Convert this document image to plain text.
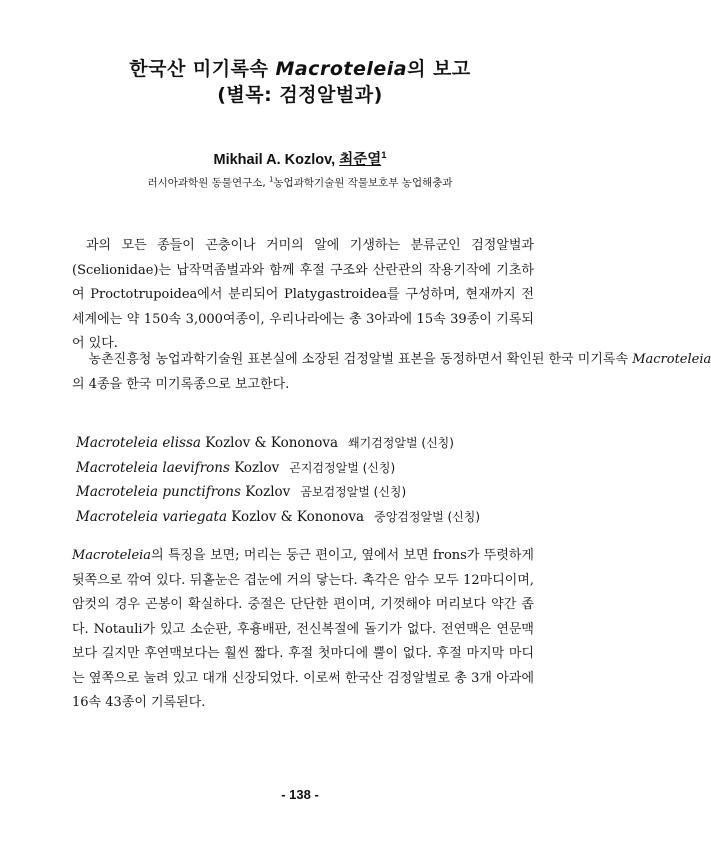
한국산 미기록속 Macroteleia의 보고
(별목: 검정알벌과)
Mikhail A. Kozlov, 최준열$^1$
러시아과학원 동물연구소, $^1$농업과학기술원 작물보호부 농업해충과

과의 모든 종들이 곤충이나 거미의 알에 기생하는 분류군인 검정알벌과(Scelionidae)는 납작먹좀벌과와 함께 후절 구조와 산란관의 작용기작에 기초하여 Proctotrupoidea에서 분리되어 Platygastroidea를 구성하며, 현재까지 전 세계에는 약 150속 3,000여종이, 우리나라에는 총 3아과에 15속 39종이 기록되어 있다.

농촌진흥청 농업과학기술원 표본실에 소장된 검정알벌 표본을 동정하면서 확인된 한국 미기록속 Macroteleia의 4종을 한국 미기록종으로 보고한다.

Macroteleia elissa Kozlov & Kononova 쐐기검정알벌 (신칭)
Macroteleia laevifrons Kozlov 곤지검정알벌 (신칭)
Macroteleia punctifrons Kozlov 곰보검정알벌 (신칭)
Macroteleia variegata Kozlov & Kononova 중앙검정알벌 (신칭)

Macroteleia의 특징을 보면; 머리는 둥근 편이고, 옆에서 보면 frons가 뚜렷하게 뒷쪽으로 깎여 있다. 뒤홑눈은 겹눈에 거의 닿는다. 촉각은 암수 모두 12마디이며, 암컷의 경우 곤봉이 확실하다. 중절은 단단한 편이며, 기껏해야 머리보다 약간 좁다. Notauli가 있고 소순판, 후흉배판, 전신복절에 돌기가 없다. 전연맥은 연문맥보다 길지만 후연맥보다는 훨씬 짧다. 후절 첫마디에 뿔이 없다. 후절 마지막 마디는 옆쪽으로 눌려 있고 대개 신장되었다. 이로써 한국산 검정알벌로 총 3개 아과에 16속 43종이 기록된다.

- 138 -
